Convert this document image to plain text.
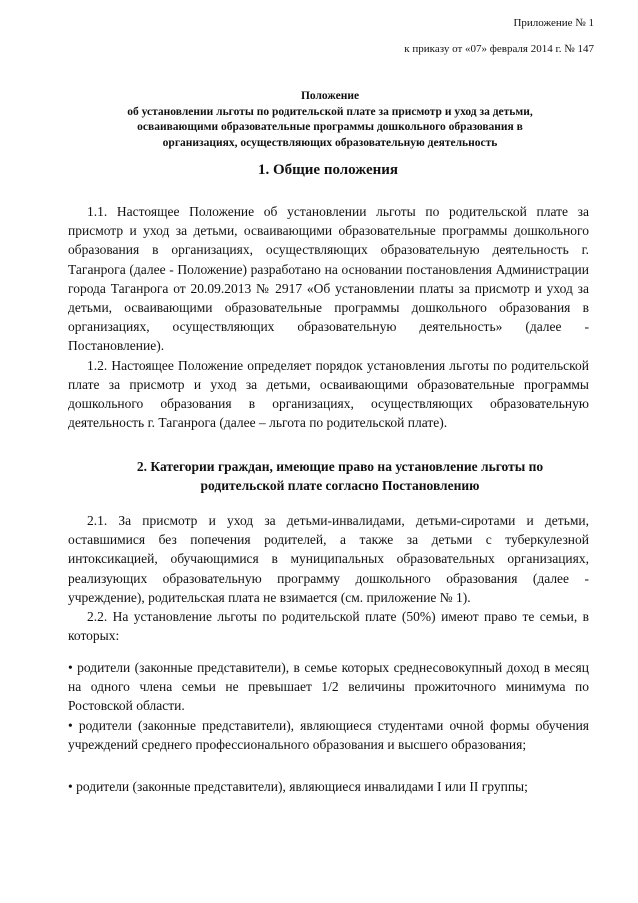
Приложение № 1
к приказу от «07» февраля 2014 г. № 147
Положение
об установлении льготы по родительской плате за присмотр и уход за детьми,
осваивающими образовательные программы дошкольного образования в
организациях, осуществляющих образовательную деятельность
1. Общие положения

1.1. Настоящее Положение об установлении льготы по родительской плате за присмотр и уход за детьми, осваивающими образовательные программы дошкольного образования в организациях, осуществляющих образовательную деятельность г. Таганрога (далее - Положение) разработано на основании постановления Администрации города Таганрога от 20.09.2013 № 2917 «Об установлении платы за присмотр и уход за детьми, осваивающими образовательные программы дошкольного образования в организациях, осуществляющих образовательную деятельность» (далее - Постановление).

1.2. Настоящее Положение определяет порядок установления льготы по родительской плате за присмотр и уход за детьми, осваивающими образовательные программы дошкольного образования в организациях, осуществляющих образовательную деятельность г. Таганрога (далее – льгота по родительской плате).

2. Категории граждан, имеющие право на установление льготы по
родительской плате согласно Постановлению

2.1. За присмотр и уход за детьми-инвалидами, детьми-сиротами и детьми, оставшимися без попечения родителей, а также за детьми с туберкулезной интоксикацией, обучающимися в муниципальных образовательных организациях, реализующих образовательную программу дошкольного образования (далее - учреждение), родительская плата не взимается (см. приложение № 1).

2.2. На установление льготы по родительской плате (50%) имеют право те семьи, в которых:

• родители (законные представители), в семье которых среднесовокупный доход в месяц на одного члена семьи не превышает 1/2 величины прожиточного минимума по Ростовской области.

• родители (законные представители), являющиеся студентами очной формы обучения учреждений среднего профессионального образования и высшего образования;

• родители (законные представители), являющиеся инвалидами I или II группы;
